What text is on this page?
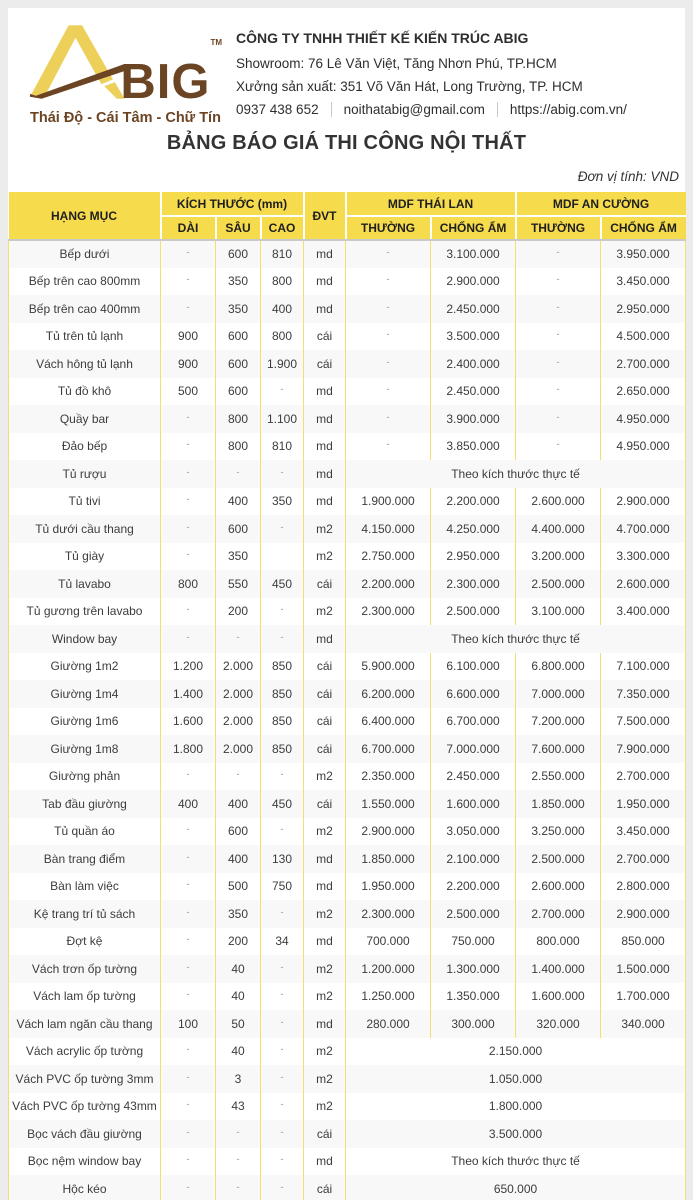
BIG
TM
Thái Độ - Cái Tâm - Chữ Tín
CÔNG TY TNHH THIẾT KẾ KIẾN TRÚC ABIG
Showroom: 76 Lê Văn Việt, Tăng Nhơn Phú, TP.HCM
Xưởng sản xuất: 351 Võ Văn Hát, Long Trường, TP. HCM
0937 438 652 noithatabig@gmail.com https://abig.com.vn/
BẢNG BÁO GIÁ THI CÔNG NỘI THẤT
Đơn vị tính: VND
HẠNG MỤC	KÍCH THƯỚC (mm)			ĐVT	MDF THÁI LAN		MDF AN CƯỜNG	
	DÀI	SÂU	CAO		THƯỜNG	CHỐNG ẨM	THƯỜNG	CHỐNG ẨM
Bếp dưới	-	600	810	md	-	3.100.000	-	3.950.000
Bếp trên cao 800mm	-	350	800	md	-	2.900.000	-	3.450.000
Bếp trên cao 400mm	-	350	400	md	-	2.450.000	-	2.950.000
Tủ trên tủ lạnh	900	600	800	cái	-	3.500.000	-	4.500.000
Vách hông tủ lạnh	900	600	1.900	cái	-	2.400.000	-	2.700.000
Tủ đồ khô	500	600	-	md	-	2.450.000	-	2.650.000
Quầy bar	-	800	1.100	md	-	3.900.000	-	4.950.000
Đảo bếp	-	800	810	md	-	3.850.000	-	4.950.000
Tủ rượu	-	-	-	md	Theo kích thước thực tế			
Tủ tivi	-	400	350	md	1.900.000	2.200.000	2.600.000	2.900.000
Tủ dưới cầu thang	-	600	-	m2	4.150.000	4.250.000	4.400.000	4.700.000
Tủ giày	-	350		m2	2.750.000	2.950.000	3.200.000	3.300.000
Tủ lavabo	800	550	450	cái	2.200.000	2.300.000	2.500.000	2.600.000
Tủ gương trên lavabo	-	200	-	m2	2.300.000	2.500.000	3.100.000	3.400.000
Window bay	-	-	-	md	Theo kích thước thực tế			
Giường 1m2	1.200	2.000	850	cái	5.900.000	6.100.000	6.800.000	7.100.000
Giường 1m4	1.400	2.000	850	cái	6.200.000	6.600.000	7.000.000	7.350.000
Giường 1m6	1.600	2.000	850	cái	6.400.000	6.700.000	7.200.000	7.500.000
Giường 1m8	1.800	2.000	850	cái	6.700.000	7.000.000	7.600.000	7.900.000
Giường phản	-	-	-	m2	2.350.000	2.450.000	2.550.000	2.700.000
Tab đầu giường	400	400	450	cái	1.550.000	1.600.000	1.850.000	1.950.000
Tủ quần áo	-	600	-	m2	2.900.000	3.050.000	3.250.000	3.450.000
Bàn trang điểm	-	400	130	md	1.850.000	2.100.000	2.500.000	2.700.000
Bàn làm việc	-	500	750	md	1.950.000	2.200.000	2.600.000	2.800.000
Kệ trang trí tủ sách	-	350	-	m2	2.300.000	2.500.000	2.700.000	2.900.000
Đợt kệ	-	200	34	md	700.000	750.000	800.000	850.000
Vách trơn ốp tường	-	40	-	m2	1.200.000	1.300.000	1.400.000	1.500.000
Vách lam ốp tường	-	40	-	m2	1.250.000	1.350.000	1.600.000	1.700.000
Vách lam ngăn cầu thang	100	50	-	md	280.000	300.000	320.000	340.000
Vách acrylic ốp tường	-	40	-	m2	2.150.000			
Vách PVC ốp tường 3mm	-	3	-	m2	1.050.000			
Vách PVC ốp tường 43mm	-	43	-	m2	1.800.000			
Bọc vách đầu giường	-	-	-	cái	3.500.000			
Bọc nệm window bay	-	-	-	md	Theo kích thước thực tế			
Hộc kéo	-	-	-	cái	650.000			
